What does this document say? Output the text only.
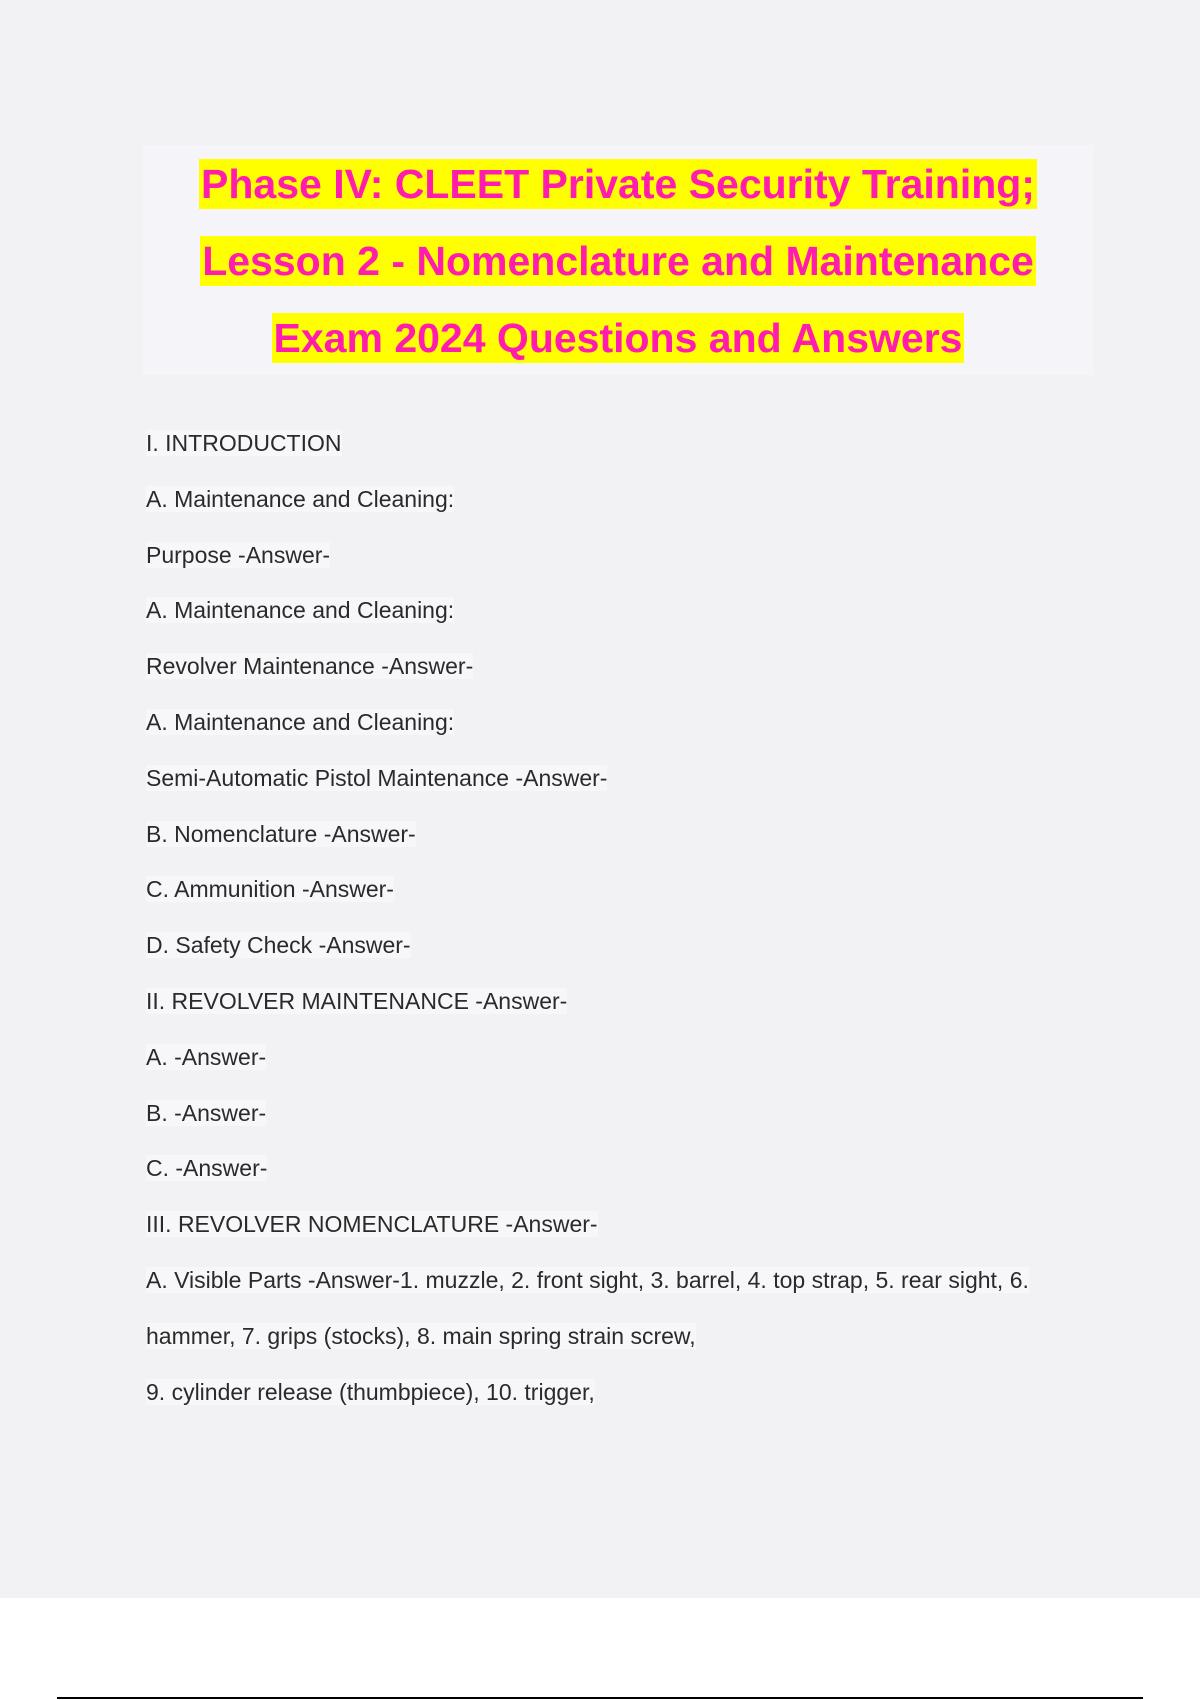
Phase IV: CLEET Private Security Training;
Lesson 2 - Nomenclature and Maintenance
Exam 2024 Questions and Answers
I. INTRODUCTION
A. Maintenance and Cleaning:
Purpose -Answer-
A. Maintenance and Cleaning:
Revolver Maintenance -Answer-
A. Maintenance and Cleaning:
Semi-Automatic Pistol Maintenance -Answer-
B. Nomenclature -Answer-
C. Ammunition -Answer-
D. Safety Check -Answer-
II. REVOLVER MAINTENANCE -Answer-
A. -Answer-
B. -Answer-
C. -Answer-
III. REVOLVER NOMENCLATURE -Answer-
A. Visible Parts -Answer-1. muzzle, 2. front sight, 3. barrel, 4. top strap, 5. rear sight, 6.
hammer, 7. grips (stocks), 8. main spring strain screw,
9. cylinder release (thumbpiece), 10. trigger,
